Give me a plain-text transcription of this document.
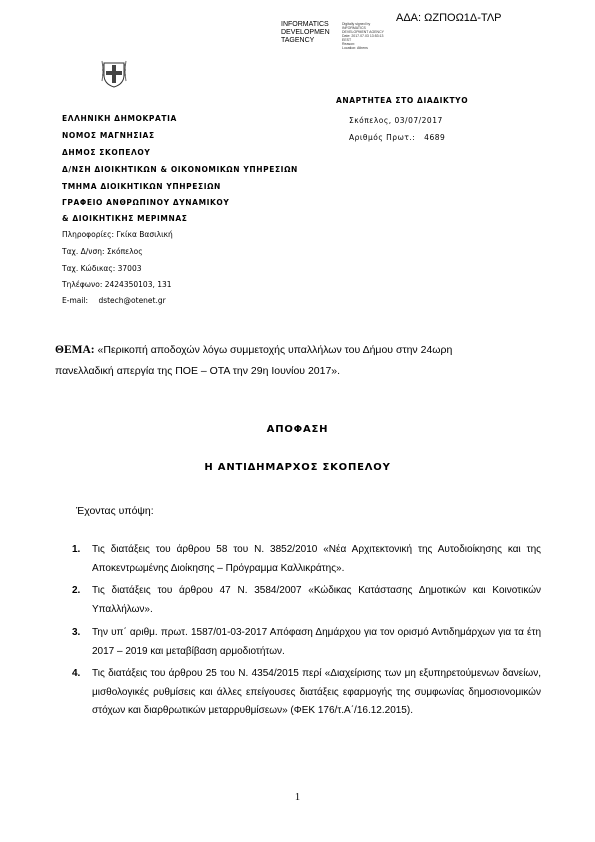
ΑΔΑ: ΩΖΠΟΩ1Δ-ΤΛΡ
INFORMATICS
DEVELOPMEN
TAGENCY
Digitally signed by
INFORMATICS
DEVELOPMENT AGENCY
Date: 2017.07.03 13:53:13
EEST
Reason:
Location: Athens
ΑΝΑΡΤΗΤΕΑ ΣΤΟ ΔΙΑΔΙΚΤΥΟ
ΕΛΛΗΝΙΚΗ ΔΗΜΟΚΡΑΤΙΑ
ΝΟΜΟΣ ΜΑΓΝΗΣΙΑΣ
ΔΗΜΟΣ ΣΚΟΠΕΛΟΥ
Δ/ΝΣΗ ΔΙΟΙΚΗΤΙΚΩΝ & ΟΙΚΟΝΟΜΙΚΩΝ ΥΠΗΡΕΣΙΩΝ
ΤΜΗΜΑ ΔΙΟΙΚΗΤΙΚΩΝ ΥΠΗΡΕΣΙΩΝ
ΓΡΑΦΕΙΟ ΑΝΘΡΩΠΙΝΟΥ ΔΥΝΑΜΙΚΟΥ
& ΔΙΟΙΚΗΤΙΚΗΣ ΜΕΡΙΜΝΑΣ
Σκόπελος, 03/07/2017
Αριθμός Πρωτ.: 4689
Πληροφορίες: Γκίκα Βασιλική
Ταχ. Δ/νση: Σκόπελος
Ταχ. Κώδικας: 37003
Τηλέφωνο: 2424350103, 131
E-mail: dstech@otenet.gr
ΘΕΜΑ: «Περικοπή αποδοχών λόγω συμμετοχής υπαλλήλων του Δήμου στην 24ωρη
πανελλαδική απεργία της ΠΟΕ – ΟΤΑ την 29η Ιουνίου 2017».
ΑΠΟΦΑΣΗ
Η ΑΝΤΙΔΗΜΑΡΧΟΣ ΣΚΟΠΕΛΟΥ
Έχοντας υπόψη:
1.	Τις διατάξεις του άρθρου 58 του Ν. 3852/2010 «Νέα Αρχιτεκτονική της Αυτοδιοίκησης και της Αποκεντρωμένης Διοίκησης – Πρόγραμμα Καλλικράτης».
2.	Τις διατάξεις του άρθρου 47 Ν. 3584/2007 «Κώδικας Κατάστασης Δημοτικών και Κοινοτικών Υπαλλήλων».
3.	Την υπ΄ αριθμ. πρωτ. 1587/01-03-2017 Απόφαση Δημάρχου για τον ορισμό Αντιδημάρχων για τα έτη 2017 – 2019 και μεταβίβαση αρμοδιοτήτων.
4.	Τις διατάξεις του άρθρου 25 του Ν. 4354/2015 περί «Διαχείρισης των μη εξυπηρετούμενων δανείων, μισθολογικές ρυθμίσεις και άλλες επείγουσες διατάξεις εφαρμογής της συμφωνίας δημοσιονομικών στόχων και διαρθρωτικών μεταρρυθμίσεων» (ΦΕΚ 176/τ.Α΄/16.12.2015).
1
